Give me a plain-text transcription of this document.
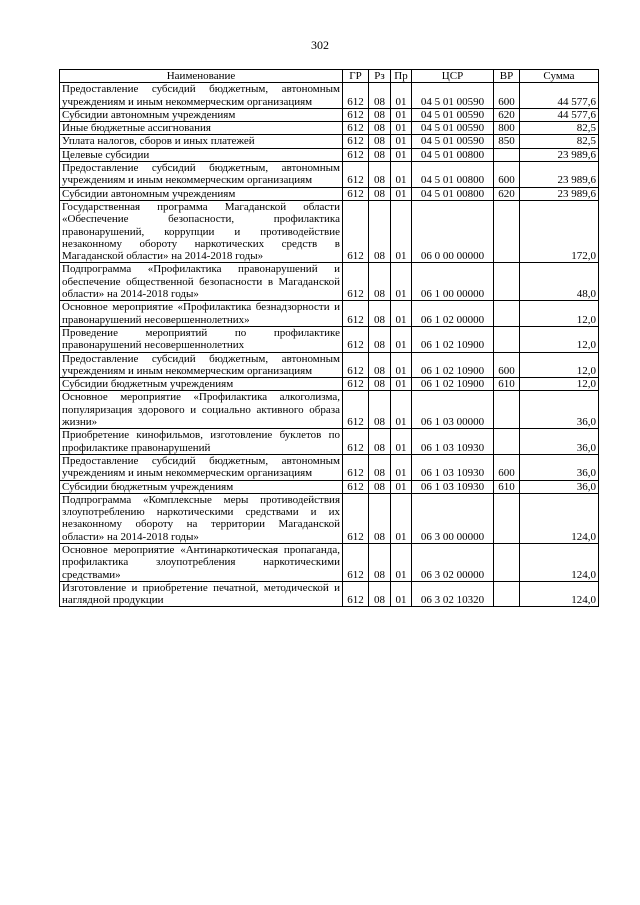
302
Наименование	ГР	Рз	Пр	ЦСР	ВР	Сумма
Предоставление субсидий бюджетным, автономным учреждениям и иным некоммерческим организациям	612	08	01	04 5 01 00590	600	44 577,6
Субсидии автономным учреждениям	612	08	01	04 5 01 00590	620	44 577,6
Иные бюджетные ассигнования	612	08	01	04 5 01 00590	800	82,5
Уплата налогов, сборов и иных платежей	612	08	01	04 5 01 00590	850	82,5
Целевые субсидии	612	08	01	04 5 01 00800		23 989,6
Предоставление субсидий бюджетным, автономным учреждениям и иным некоммерческим организациям	612	08	01	04 5 01 00800	600	23 989,6
Субсидии автономным учреждениям	612	08	01	04 5 01 00800	620	23 989,6
Государственная программа Магаданской области «Обеспечение безопасности, профилактика правонарушений, коррупции и противодействие незаконному обороту наркотических средств в Магаданской области» на 2014-2018 годы»	612	08	01	06 0 00 00000		172,0
Подпрограмма «Профилактика правонарушений и обеспечение общественной безопасности в Магаданской области» на 2014-2018 годы»	612	08	01	06 1 00 00000		48,0
Основное мероприятие «Профилактика безнадзорности и правонарушений несовершеннолетних»	612	08	01	06 1 02 00000		12,0
Проведение мероприятий по профилактике правонарушений несовершеннолетних	612	08	01	06 1 02 10900		12,0
Предоставление субсидий бюджетным, автономным учреждениям и иным некоммерческим организациям	612	08	01	06 1 02 10900	600	12,0
Субсидии бюджетным учреждениям	612	08	01	06 1 02 10900	610	12,0
Основное мероприятие «Профилактика алкоголизма, популяризация здорового и социально активного образа жизни»	612	08	01	06 1 03 00000		36,0
Приобретение кинофильмов, изготовление буклетов по профилактике правонарушений	612	08	01	06 1 03 10930		36,0
Предоставление субсидий бюджетным, автономным учреждениям и иным некоммерческим организациям	612	08	01	06 1 03 10930	600	36,0
Субсидии бюджетным учреждениям	612	08	01	06 1 03 10930	610	36,0
Подпрограмма «Комплексные меры противодействия злоупотреблению наркотическими средствами и их незаконному обороту на территории Магаданской области» на 2014-2018 годы»	612	08	01	06 3 00 00000		124,0
Основное мероприятие «Антинаркотическая пропаганда, профилактика злоупотребления наркотическими средствами»	612	08	01	06 3 02 00000		124,0
Изготовление и приобретение печатной, методической и наглядной продукции	612	08	01	06 3 02 10320		124,0
